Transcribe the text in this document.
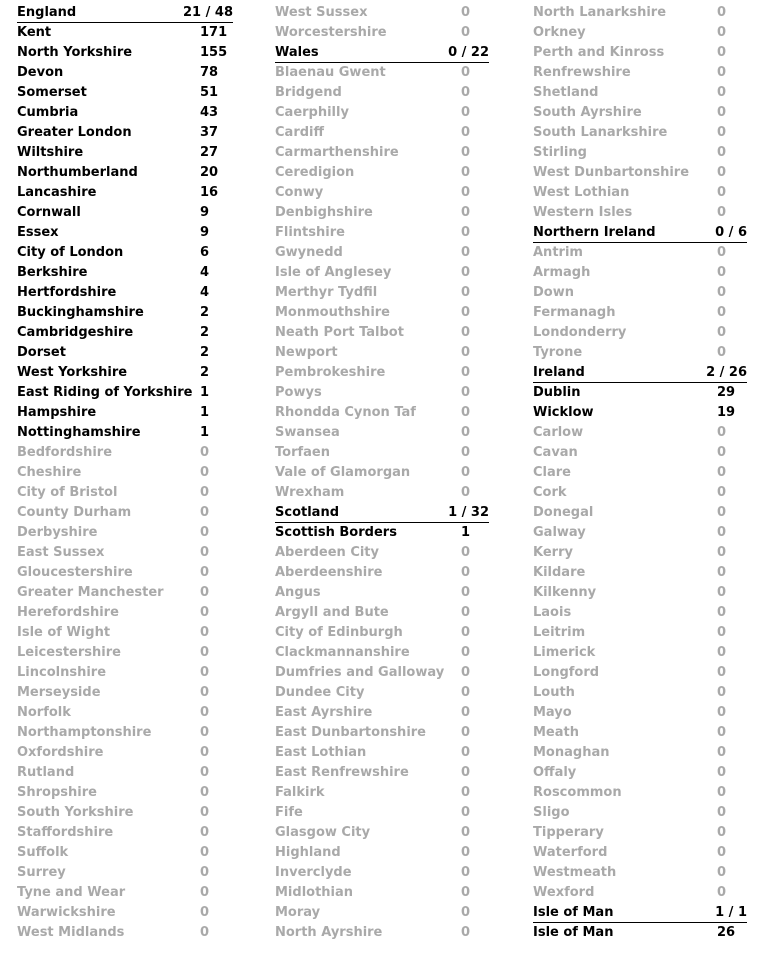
England	21 / 48
Kent	171
North Yorkshire	155
Devon	78
Somerset	51
Cumbria	43
Greater London	37
Wiltshire	27
Northumberland	20
Lancashire	16
Cornwall	9
Essex	9
City of London	6
Berkshire	4
Hertfordshire	4
Buckinghamshire	2
Cambridgeshire	2
Dorset	2
West Yorkshire	2
East Riding of Yorkshire 1
Hampshire	1
Nottinghamshire	1
Bedfordshire	0
Cheshire	0
City of Bristol	0
County Durham	0
Derbyshire	0
East Sussex	0
Gloucestershire	0
Greater Manchester	0
Herefordshire	0
Isle of Wight	0
Leicestershire	0
Lincolnshire	0
Merseyside	0
Norfolk	0
Northamptonshire	0
Oxfordshire	0
Rutland	0
Shropshire	0
South Yorkshire	0
Staffordshire	0
Suffolk	0
Surrey	0
Tyne and Wear	0
Warwickshire	0
West Midlands	0
West Sussex	0
Worcestershire	0
Wales	0 / 22
Blaenau Gwent	0
Bridgend	0
Caerphilly	0
Cardiff	0
Carmarthenshire	0
Ceredigion	0
Conwy	0
Denbighshire	0
Flintshire	0
Gwynedd	0
Isle of Anglesey	0
Merthyr Tydfil	0
Monmouthshire	0
Neath Port Talbot	0
Newport	0
Pembrokeshire	0
Powys	0
Rhondda Cynon Taf	0
Swansea	0
Torfaen	0
Vale of Glamorgan	0
Wrexham	0
Scotland	1 / 32
Scottish Borders	1
Aberdeen City	0
Aberdeenshire	0
Angus	0
Argyll and Bute	0
City of Edinburgh	0
Clackmannanshire	0
Dumfries and Galloway 0
Dundee City	0
East Ayrshire	0
East Dunbartonshire	0
East Lothian	0
East Renfrewshire	0
Falkirk	0
Fife	0
Glasgow City	0
Highland	0
Inverclyde	0
Midlothian	0
Moray	0
North Ayrshire	0
North Lanarkshire	0
Orkney	0
Perth and Kinross	0
Renfrewshire	0
Shetland	0
South Ayrshire	0
South Lanarkshire	0
Stirling	0
West Dunbartonshire 0
West Lothian	0
Western Isles	0
Northern Ireland	0 / 6
Antrim	0
Armagh	0
Down	0
Fermanagh	0
Londonderry	0
Tyrone	0
Ireland	2 / 26
Dublin	29
Wicklow	19
Carlow	0
Cavan	0
Clare	0
Cork	0
Donegal	0
Galway	0
Kerry	0
Kildare	0
Kilkenny	0
Laois	0
Leitrim	0
Limerick	0
Longford	0
Louth	0
Mayo	0
Meath	0
Monaghan	0
Offaly	0
Roscommon	0
Sligo	0
Tipperary	0
Waterford	0
Westmeath	0
Wexford	0
Isle of Man	1 / 1
Isle of Man	26
